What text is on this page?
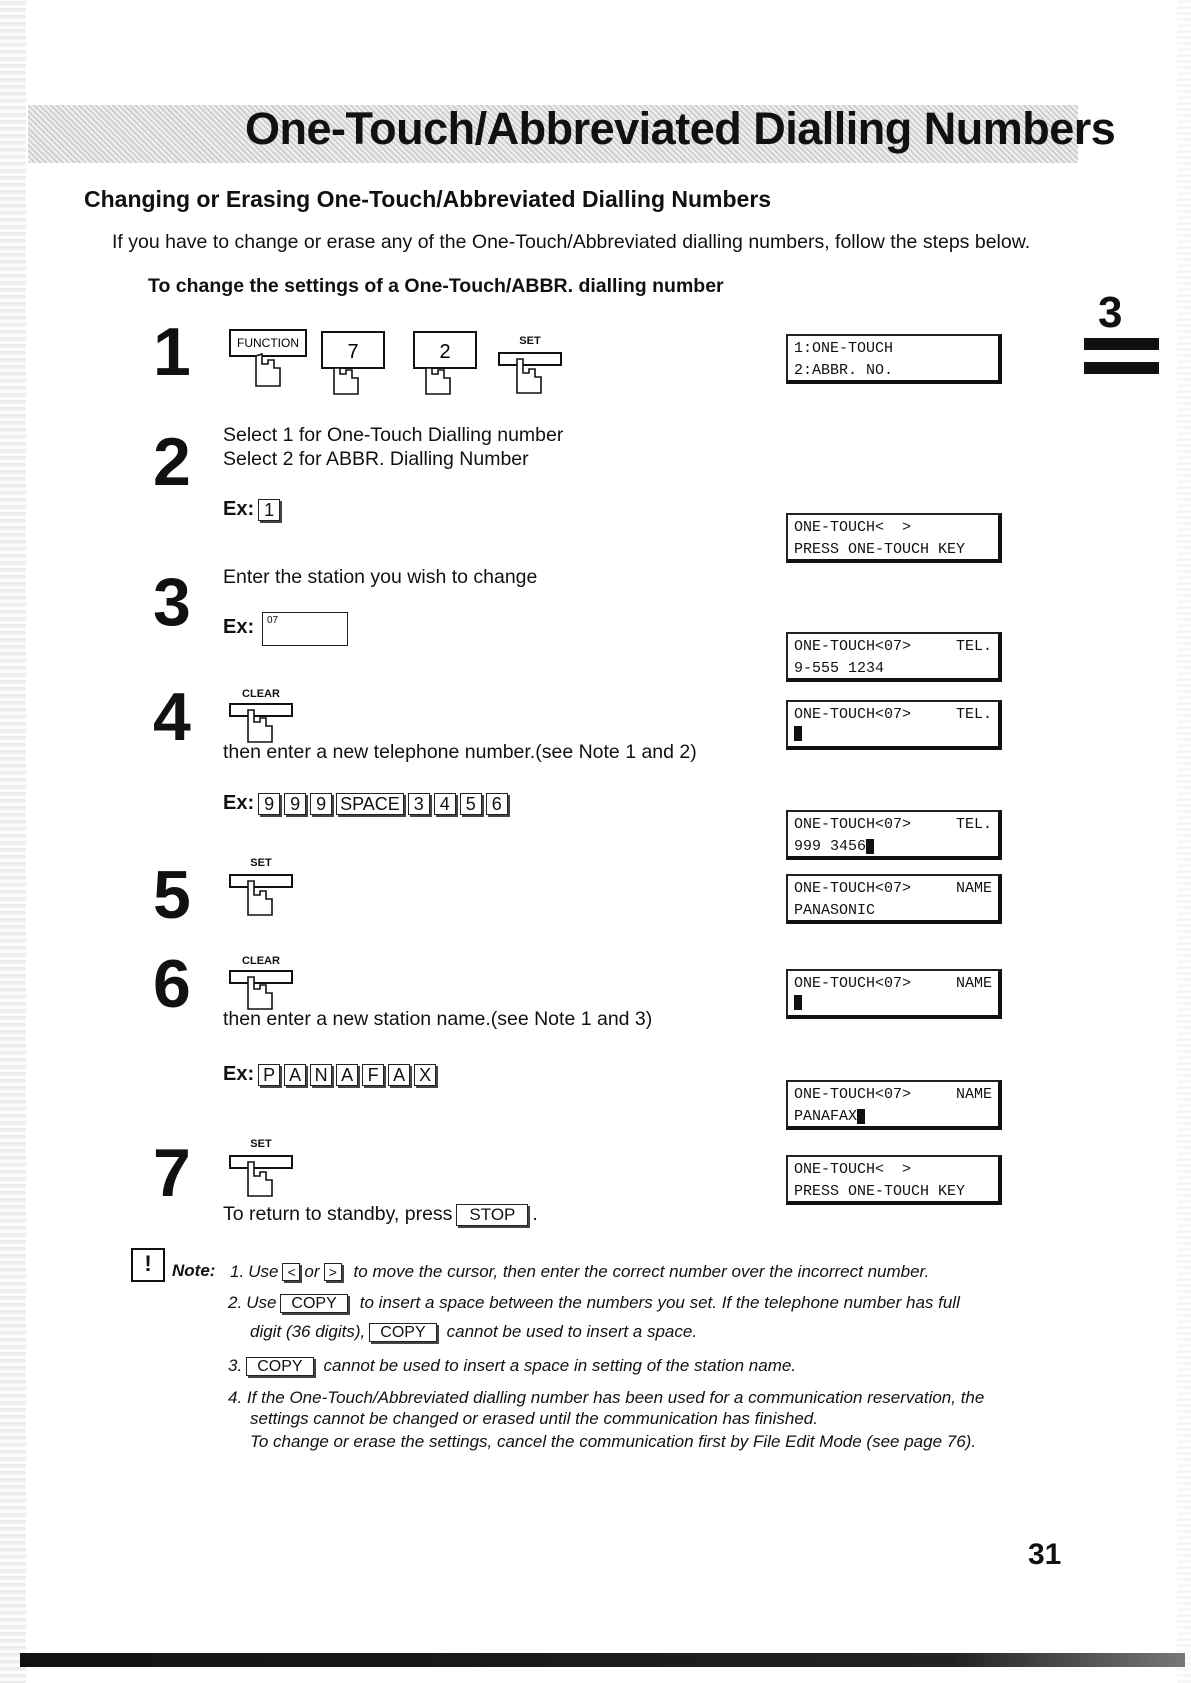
One-Touch/Abbreviated Dialling Numbers
Changing or Erasing One-Touch/Abbreviated Dialling Numbers
If you have to change or erase any of the One-Touch/Abbreviated dialling numbers, follow the steps below.
To change the settings of a One-Touch/ABBR. dialling number
3
1	FUNCTION 7	2	SET	1:ONE-TOUCH
2:ABBR. NO.
2 Select 1 for One-Touch Dialling number
Select 2 for ABBR. Dialling Number
Ex: 1
ONE-TOUCH<  >
PRESS ONE-TOUCH KEY
3 Enter the station you wish to change
Ex:	07
ONE-TOUCH<07>	TEL.
9-555 1234
4	CLEAR
then enter a new telephone number.(see Note 1 and 2)
Ex: 9 9 9 SPACE 3 4 5 6
ONE-TOUCH<07>	TEL.
ONE-TOUCH<07>	TEL.
999 3456
5	SET
ONE-TOUCH<07>	NAME
PANASONIC
6	CLEAR
then enter a new station name.(see Note 1 and 3)
Ex: P A N A F A X
ONE-TOUCH<07>	NAME
ONE-TOUCH<07>	NAME
PANAFAX
7	SET
To return to standby, press	STOP .
ONE-TOUCH<  >
PRESS ONE-TOUCH KEY
!	Note: 1. Use < or > to move the cursor, then enter the correct number over the incorrect number.
2. Use COPY	to insert a space between the numbers you set. If the telephone number has full
digit (36 digits), COPY	cannot be used to insert a space.
3. COPY	cannot be used to insert a space in setting of the station name.
4. If the One-Touch/Abbreviated dialling number has been used for a communication reservation, the
settings cannot be changed or erased until the communication has finished.
To change or erase the settings, cancel the communication first by File Edit Mode (see page 76).
31
